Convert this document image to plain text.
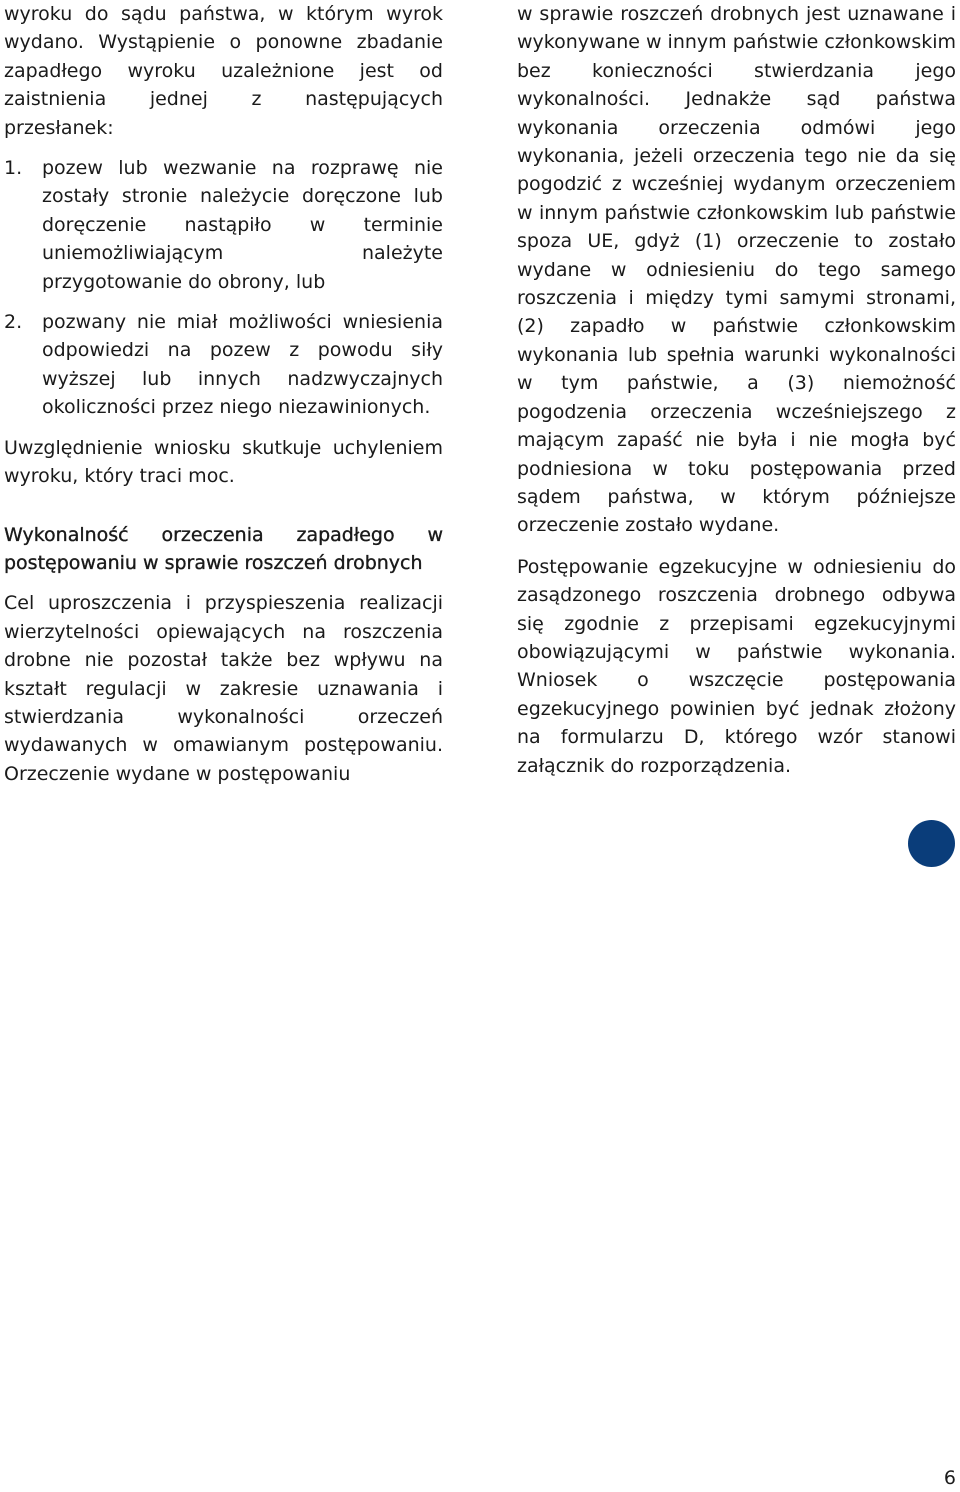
wyroku do sądu państwa, w którym wyrok wydano. Wystąpienie o ponowne zbadanie zapadłego wyroku uzależnione jest od zaistnienia jednej z następujących przesłanek:

1. pozew lub wezwanie na rozprawę nie zostały stronie należycie doręczone lub doręczenie nastąpiło w terminie uniemożliwiającym należyte przygotowanie do obrony, lub
2. pozwany nie miał możliwości wniesienia odpowiedzi na pozew z powodu siły wyższej lub innych nadzwyczajnych okoliczności przez niego niezawinionych.

Uwzględnienie wniosku skutkuje uchyleniem wyroku, który traci moc.

Wykonalność orzeczenia zapadłego w postępowaniu w sprawie roszczeń drobnych

Cel uproszczenia i przyspieszenia realizacji wierzytelności opiewających na roszczenia drobne nie pozostał także bez wpływu na kształt regulacji w zakresie uznawania i stwierdzania wykonalności orzeczeń wydawanych w omawianym postępowaniu. Orzeczenie wydane w postępowaniu

w sprawie roszczeń drobnych jest uznawane i wykonywane w innym państwie członkowskim bez konieczności stwierdzania jego wykonalności. Jednakże sąd państwa wykonania orzeczenia odmówi jego wykonania, jeżeli orzeczenia tego nie da się pogodzić z wcześniej wydanym orzeczeniem w innym państwie członkowskim lub państwie spoza UE, gdyż (1) orzeczenie to zostało wydane w odniesieniu do tego samego roszczenia i między tymi samymi stronami, (2) zapadło w państwie członkowskim wykonania lub spełnia warunki wykonalności w tym państwie, a (3) niemożność pogodzenia orzeczenia wcześniejszego z mającym zapaść nie była i nie mogła być podniesiona w toku postępowania przed sądem państwa, w którym późniejsze orzeczenie zostało wydane.

Postępowanie egzekucyjne w odniesieniu do zasądzonego roszczenia drobnego odbywa się zgodnie z przepisami egzekucyjnymi obowiązującymi w państwie wykonania. Wniosek o wszczęcie postępowania egzekucyjnego powinien być jednak złożony na formularzu D, którego wzór stanowi załącznik do rozporządzenia.

6
